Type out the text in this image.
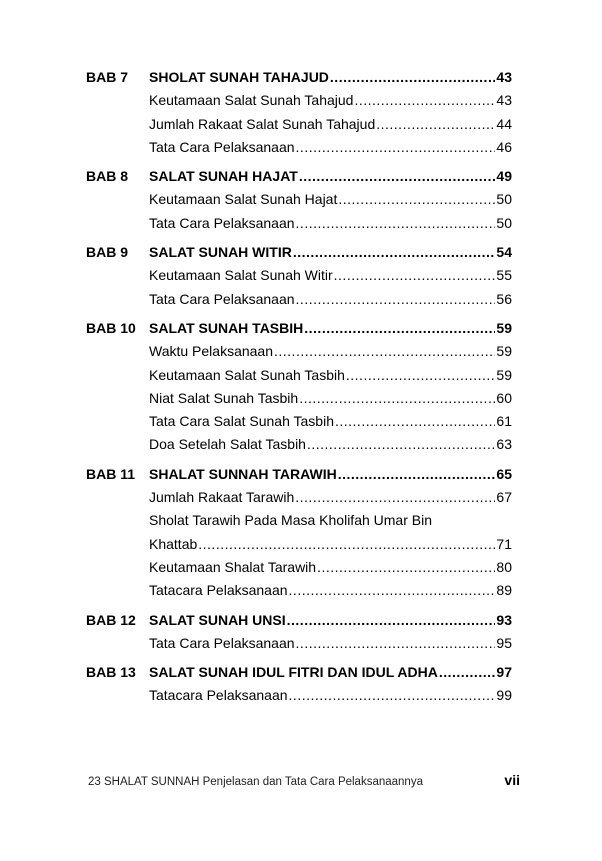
BAB 7	SHOLAT SUNAH TAHAJUD .....	43
Keutamaan Salat Sunah Tahajud .....	43
Jumlah Rakaat Salat Sunah Tahajud .....	44
Tata Cara Pelaksanaan .....	46
BAB 8	SALAT SUNAH HAJAT .....	49
Keutamaan Salat Sunah Hajat .....	50
Tata Cara Pelaksanaan .....	50
BAB 9	SALAT SUNAH WITIR .....	54
Keutamaan Salat Sunah Witir .....	55
Tata Cara Pelaksanaan .....	56
BAB 10 SALAT SUNAH TASBIH .....	59
Waktu Pelaksanaan .....	59
Keutamaan Salat Sunah Tasbih .....	59
Niat Salat Sunah Tasbih .....	60
Tata Cara Salat Sunah Tasbih .....	61
Doa Setelah Salat Tasbih .....	63
BAB 11 SHALAT SUNNAH TARAWIH .....	65
Jumlah Rakaat Tarawih .....	67
Sholat Tarawih Pada Masa Kholifah Umar Bin
Khattab .....	71
Keutamaan Shalat Tarawih .....	80
Tatacara Pelaksanaan .....	89
BAB 12 SALAT SUNAH UNSI .....	93
Tata Cara Pelaksanaan .....	95
BAB 13 SALAT SUNAH IDUL FITRI DAN IDUL ADHA .....	97
Tatacara Pelaksanaan .....	99
23 SHALAT SUNNAH Penjelasan dan Tata Cara Pelaksanaannya	vii
